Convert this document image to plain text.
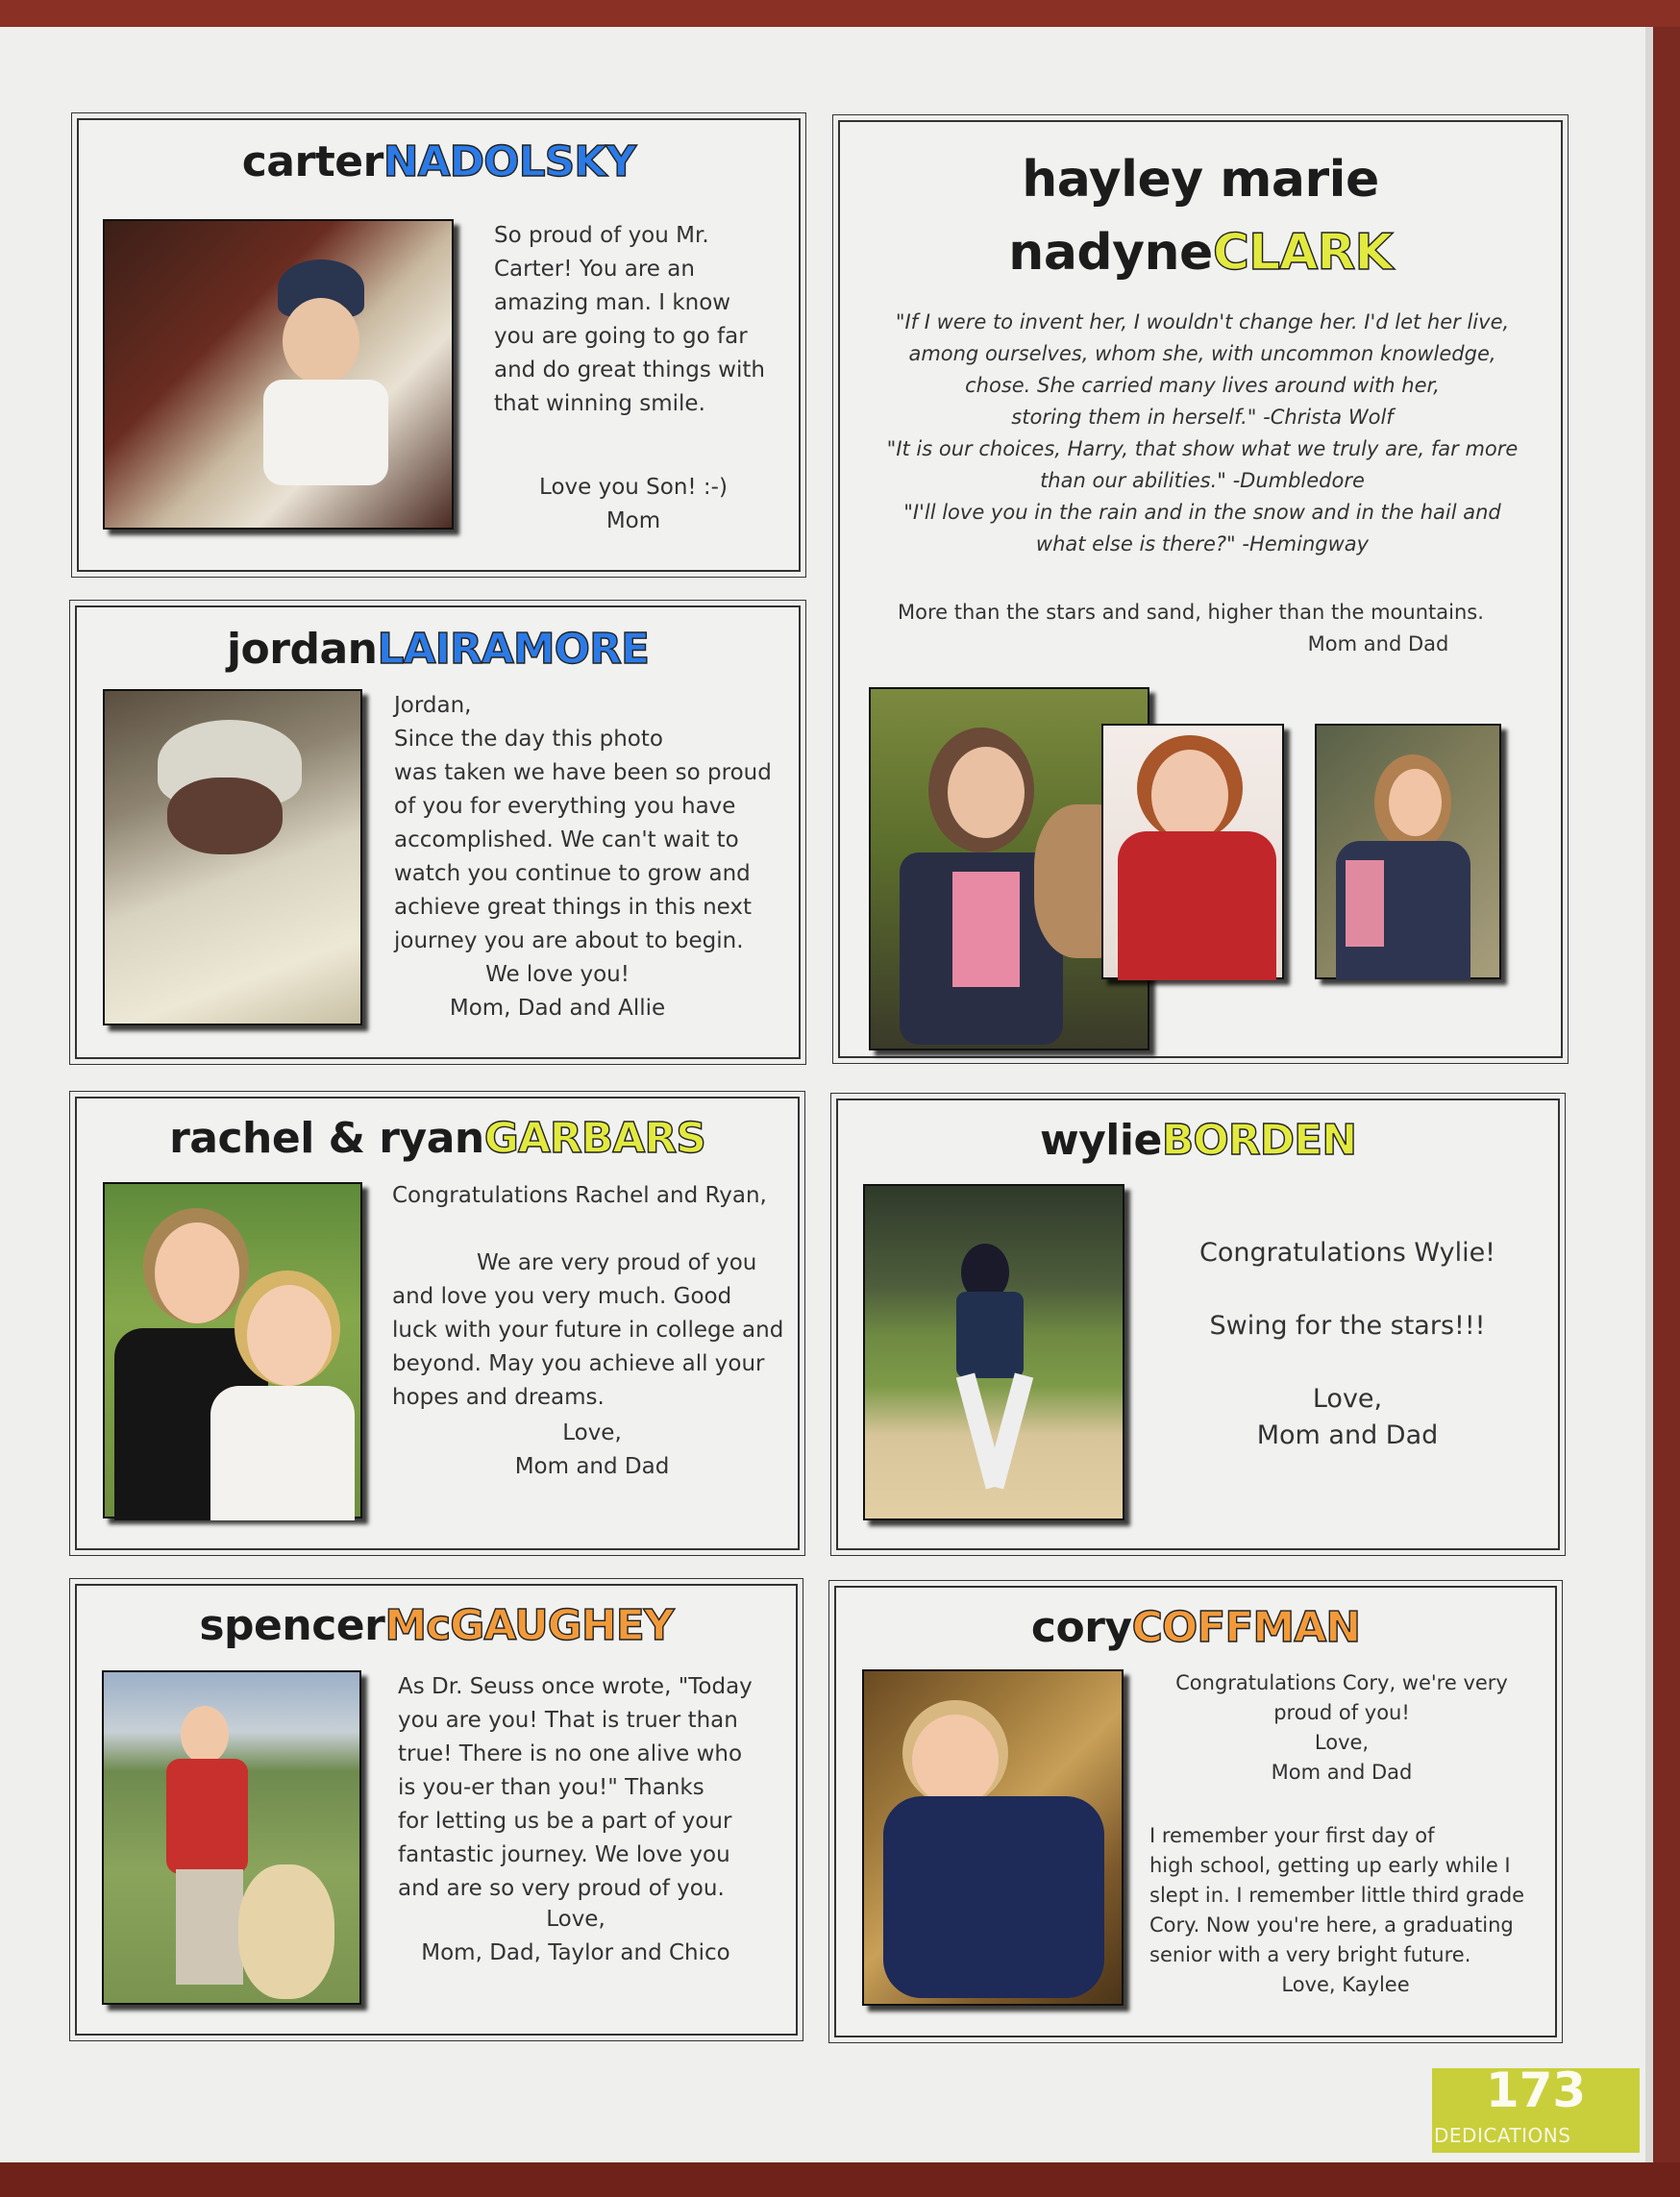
carterNADOLSKY
So proud of you Mr.
Carter! You are an
amazing man. I know
you are going to go far
and do great things with
that winning smile.
Love you Son! :-)
Mom
jordanLAIRAMORE
Jordan,
Since the day this photo
was taken we have been so proud
of you for everything you have
accomplished. We can't wait to
watch you continue to grow and
achieve great things in this next
journey you are about to begin.
We love you!
Mom, Dad and Allie
hayley marie
nadyneCLARK
"If I were to invent her, I wouldn't change her. I'd let her live,
among ourselves, whom she, with uncommon knowledge,
chose. She carried many lives around with her,
storing them in herself." -Christa Wolf
"It is our choices, Harry, that show what we truly are, far more
than our abilities." -Dumbledore
"I'll love you in the rain and in the snow and in the hail and
what else is there?" -Hemingway
More than the stars and sand, higher than the mountains.
Mom and Dad
rachel & ryanGARBARS
Congratulations Rachel and Ryan,
We are very proud of you
and love you very much. Good
luck with your future in college and
beyond. May you achieve all your
hopes and dreams.
Love,
Mom and Dad
wylieBORDEN
Congratulations Wylie!

Swing for the stars!!!

Love,
Mom and Dad
spencerMcGAUGHEY
As Dr. Seuss once wrote, "Today
you are you! That is truer than
true! There is no one alive who
is you-er than you!" Thanks
for letting us be a part of your
fantastic journey. We love you
and are so very proud of you.
Love,
Mom, Dad, Taylor and Chico
coryCOFFMAN
Congratulations Cory, we're very
proud of you!
Love,
Mom and Dad
I remember your first day of
high school, getting up early while I
slept in. I remember little third grade
Cory. Now you're here, a graduating
senior with a very bright future.
Love, Kaylee
173
DEDICATIONS
